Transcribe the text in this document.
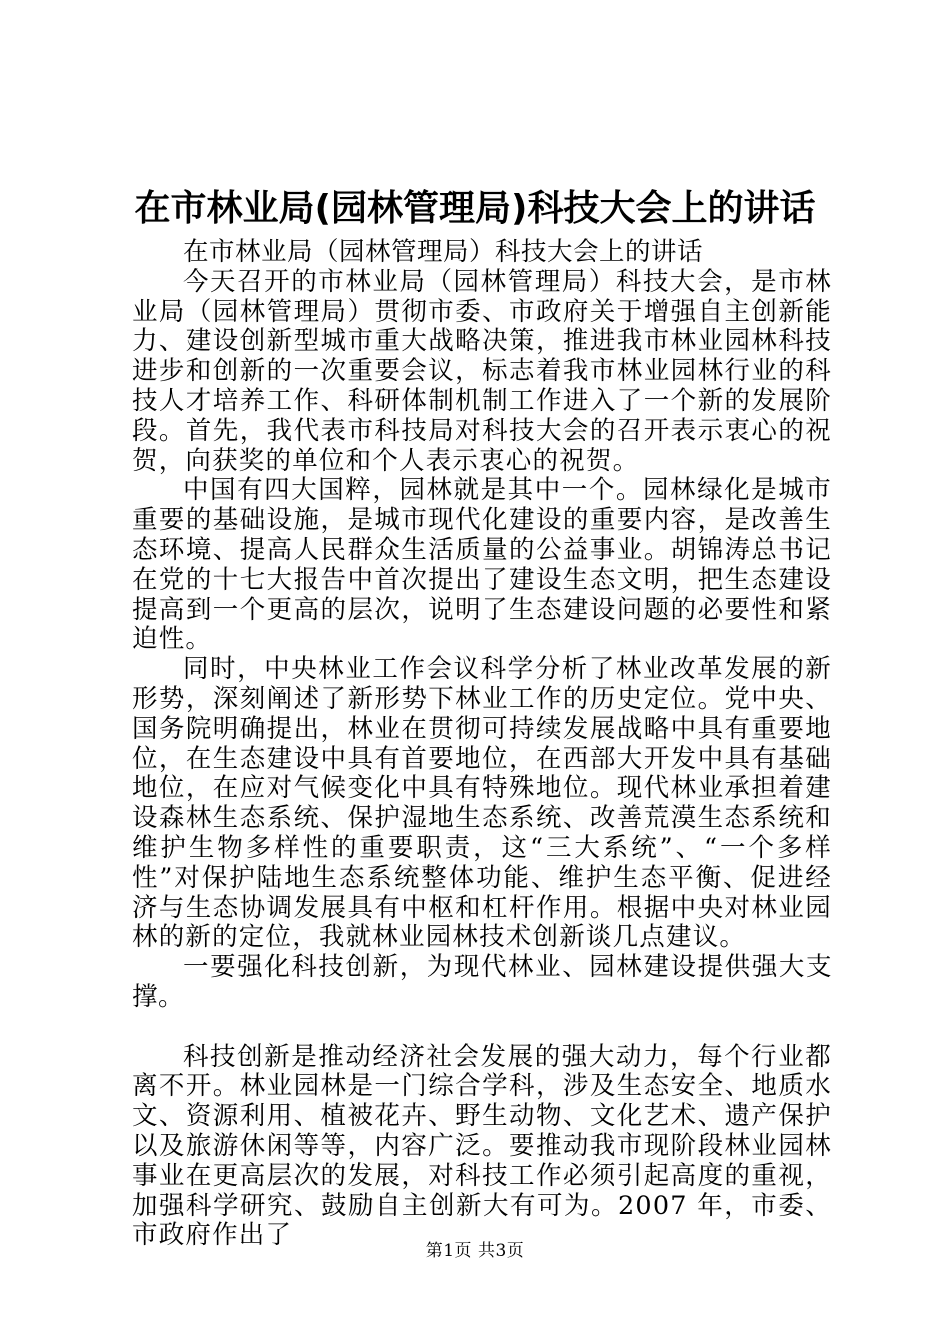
在市林业局(园林管理局)科技大会上的讲话

在市林业局（园林管理局）科技大会上的讲话

今天召开的市林业局（园林管理局）科技大会，是市林业局（园林管理局）贯彻市委、市政府关于增强自主创新能力、建设创新型城市重大战略决策，推进我市林业园林科技进步和创新的一次重要会议，标志着我市林业园林行业的科技人才培养工作、科研体制机制工作进入了一个新的发展阶段。首先，我代表市科技局对科技大会的召开表示衷心的祝贺，向获奖的单位和个人表示衷心的祝贺。

中国有四大国粹，园林就是其中一个。园林绿化是城市重要的基础设施，是城市现代化建设的重要内容，是改善生态环境、提高人民群众生活质量的公益事业。胡锦涛总书记在党的十七大报告中首次提出了建设生态文明，把生态建设提高到一个更高的层次，说明了生态建设问题的必要性和紧迫性。

同时，中央林业工作会议科学分析了林业改革发展的新形势，深刻阐述了新形势下林业工作的历史定位。党中央、国务院明确提出，林业在贯彻可持续发展战略中具有重要地位，在生态建设中具有首要地位，在西部大开发中具有基础地位，在应对气候变化中具有特殊地位。现代林业承担着建设森林生态系统、保护湿地生态系统、改善荒漠生态系统和维护生物多样性的重要职责，这“三大系统”、“一个多样性”对保护陆地生态系统整体功能、维护生态平衡、促进经济与生态协调发展具有中枢和杠杆作用。根据中央对林业园林的新的定位，我就林业园林技术创新谈几点建议。

一要强化科技创新，为现代林业、园林建设提供强大支撑。

科技创新是推动经济社会发展的强大动力，每个行业都离不开。林业园林是一门综合学科，涉及生态安全、地质水文、资源利用、植被花卉、野生动物、文化艺术、遗产保护以及旅游休闲等等，内容广泛。要推动我市现阶段林业园林事业在更高层次的发展，对科技工作必须引起高度的重视，加强科学研究、鼓励自主创新大有可为。2007 年，市委、市政府作出了

第1页 共3页
